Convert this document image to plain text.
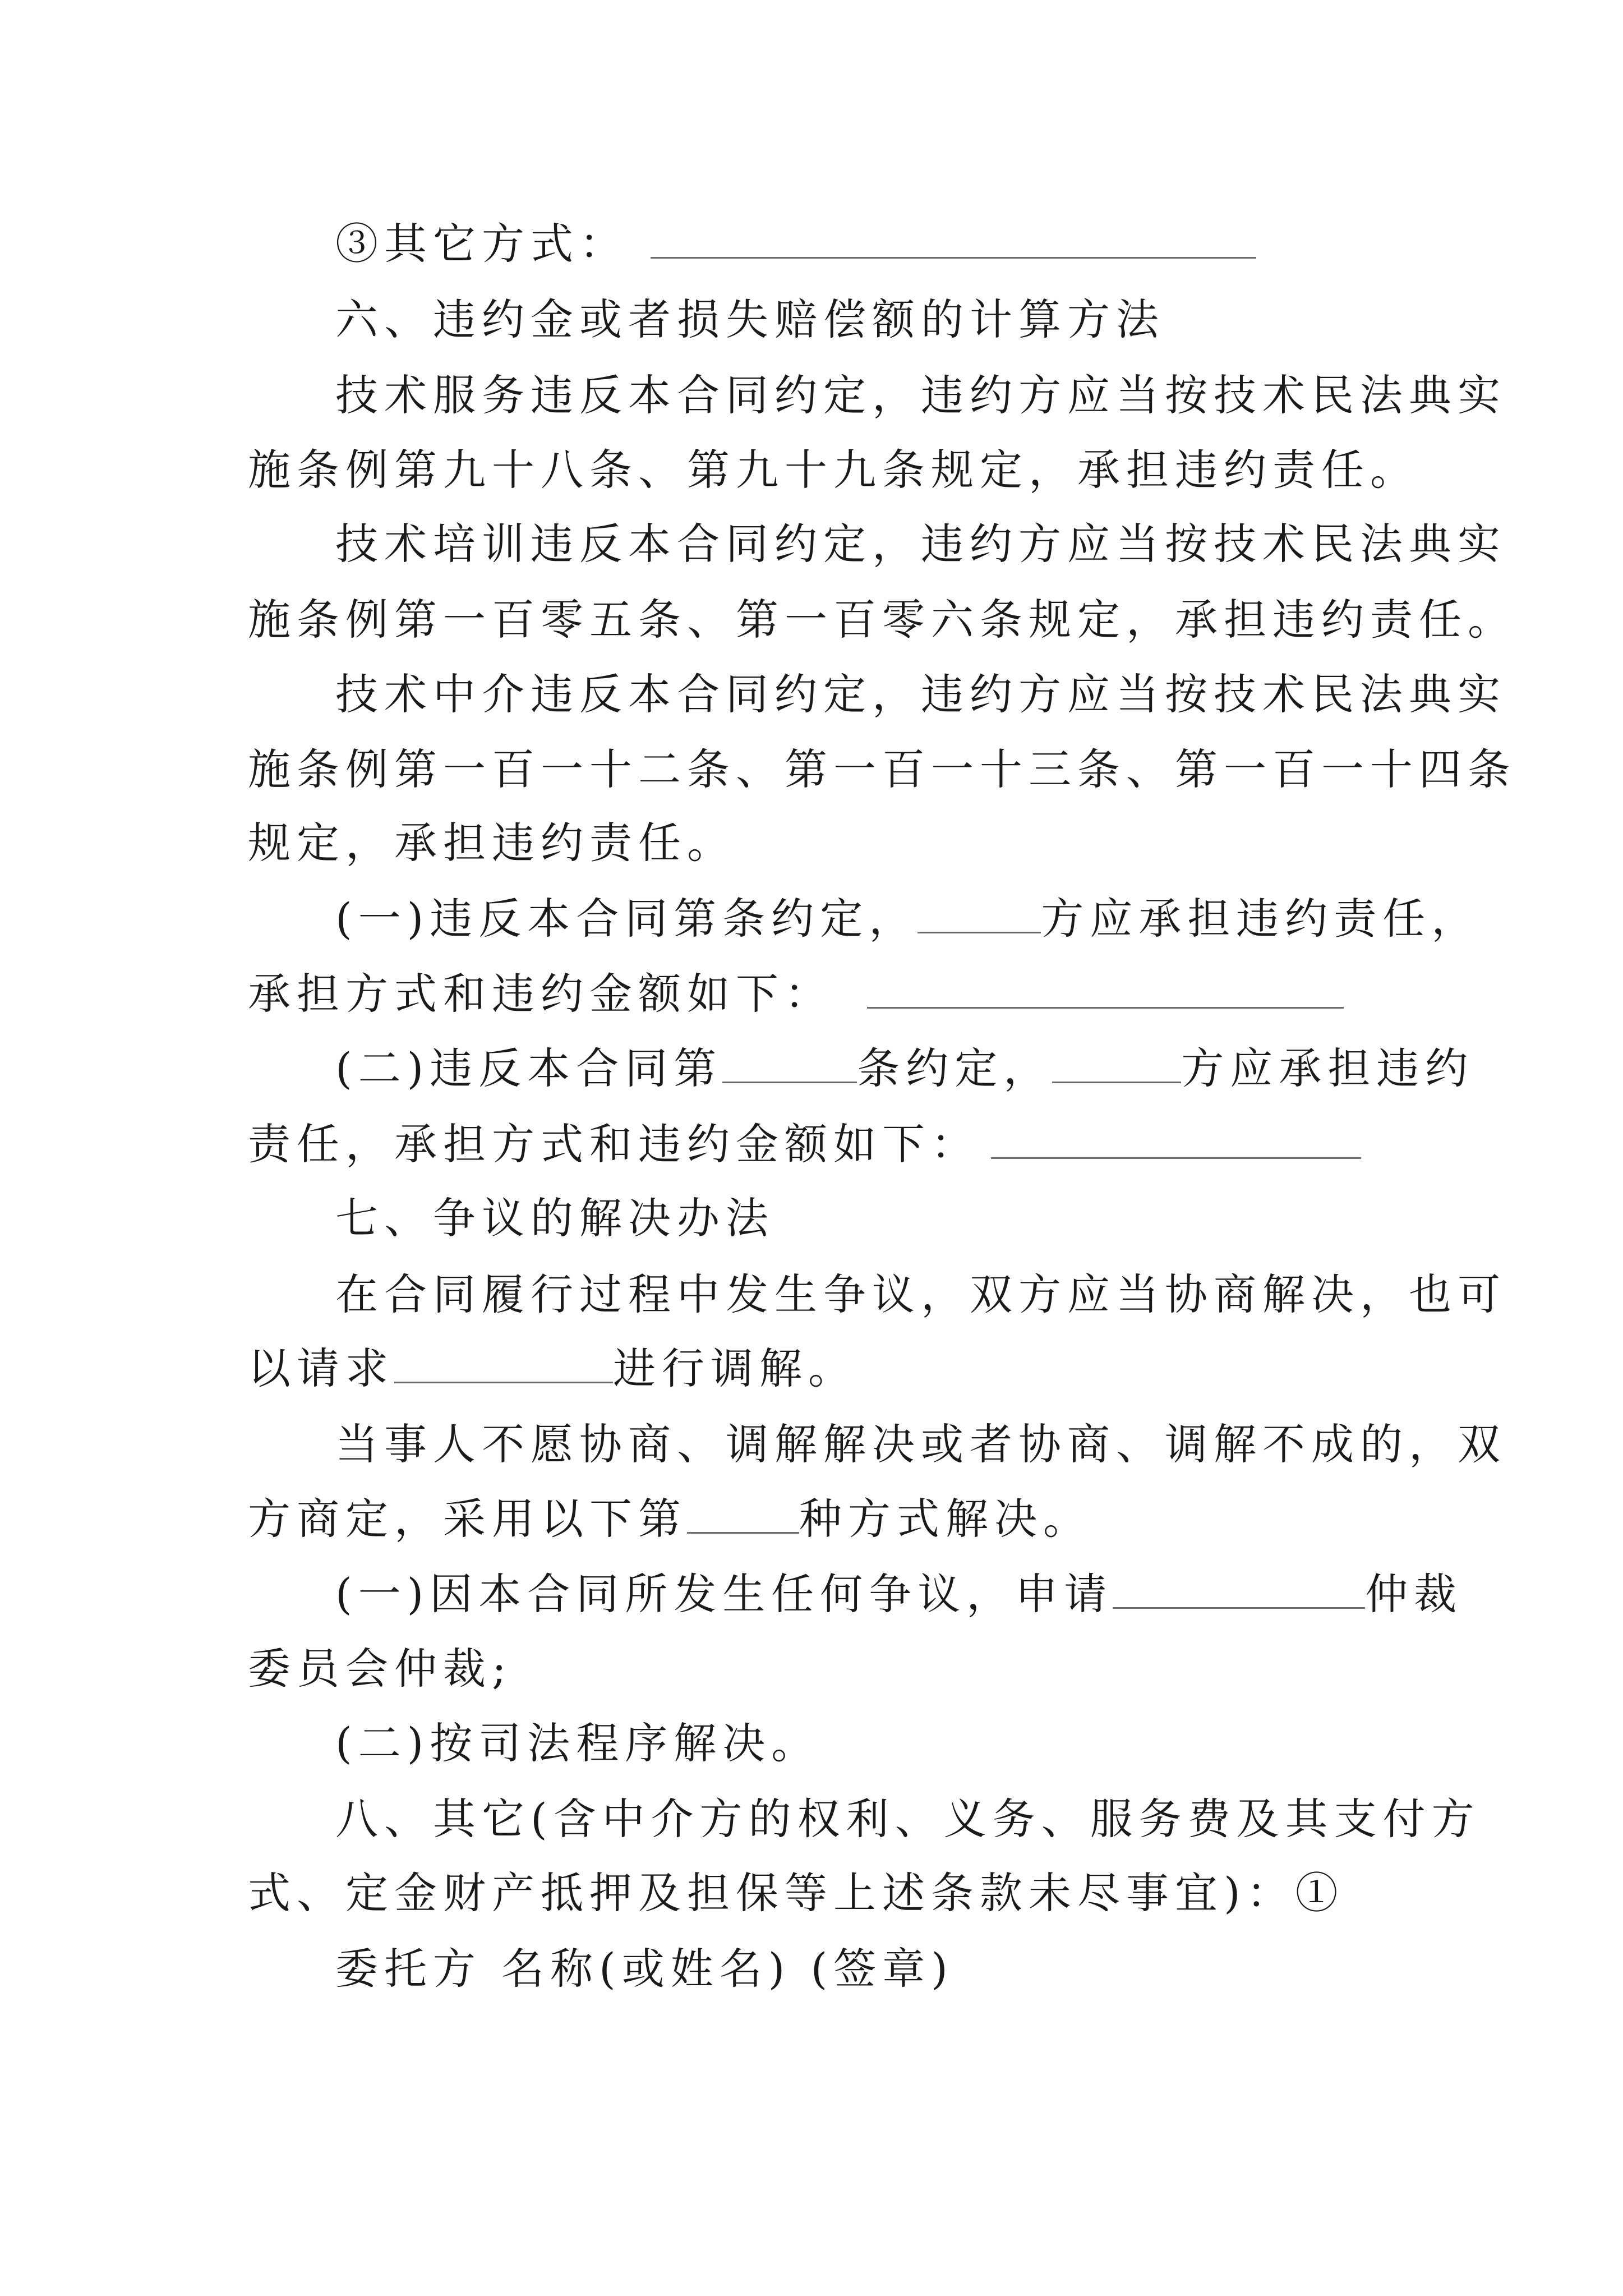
③其它方式：
六、违约金或者损失赔偿额的计算方法
技术服务违反本合同约定，违约方应当按技术民法典实
施条例第九十八条、第九十九条规定，承担违约责任。
技术培训违反本合同约定，违约方应当按技术民法典实
施条例第一百零五条、第一百零六条规定，承担违约责任。
技术中介违反本合同约定，违约方应当按技术民法典实
施条例第一百一十二条、第一百一十三条、第一百一十四条
规定，承担违约责任。
(一)违反本合同第条约定，	方应承担违约责任，
承担方式和违约金额如下：
(二)违反本合同第	条约定，	方应承担违约
责任，承担方式和违约金额如下：
七、争议的解决办法
在合同履行过程中发生争议，双方应当协商解决，也可
以请求	进行调解。
当事人不愿协商、调解解决或者协商、调解不成的，双
方商定，采用以下第	种方式解决。
(一)因本合同所发生任何争议，申请	仲裁
委员会仲裁;
(二)按司法程序解决。
八、其它(含中介方的权利、义务、服务费及其支付方
式、定金财产抵押及担保等上述条款未尽事宜)：①
委托方 名称(或姓名) (签章)
